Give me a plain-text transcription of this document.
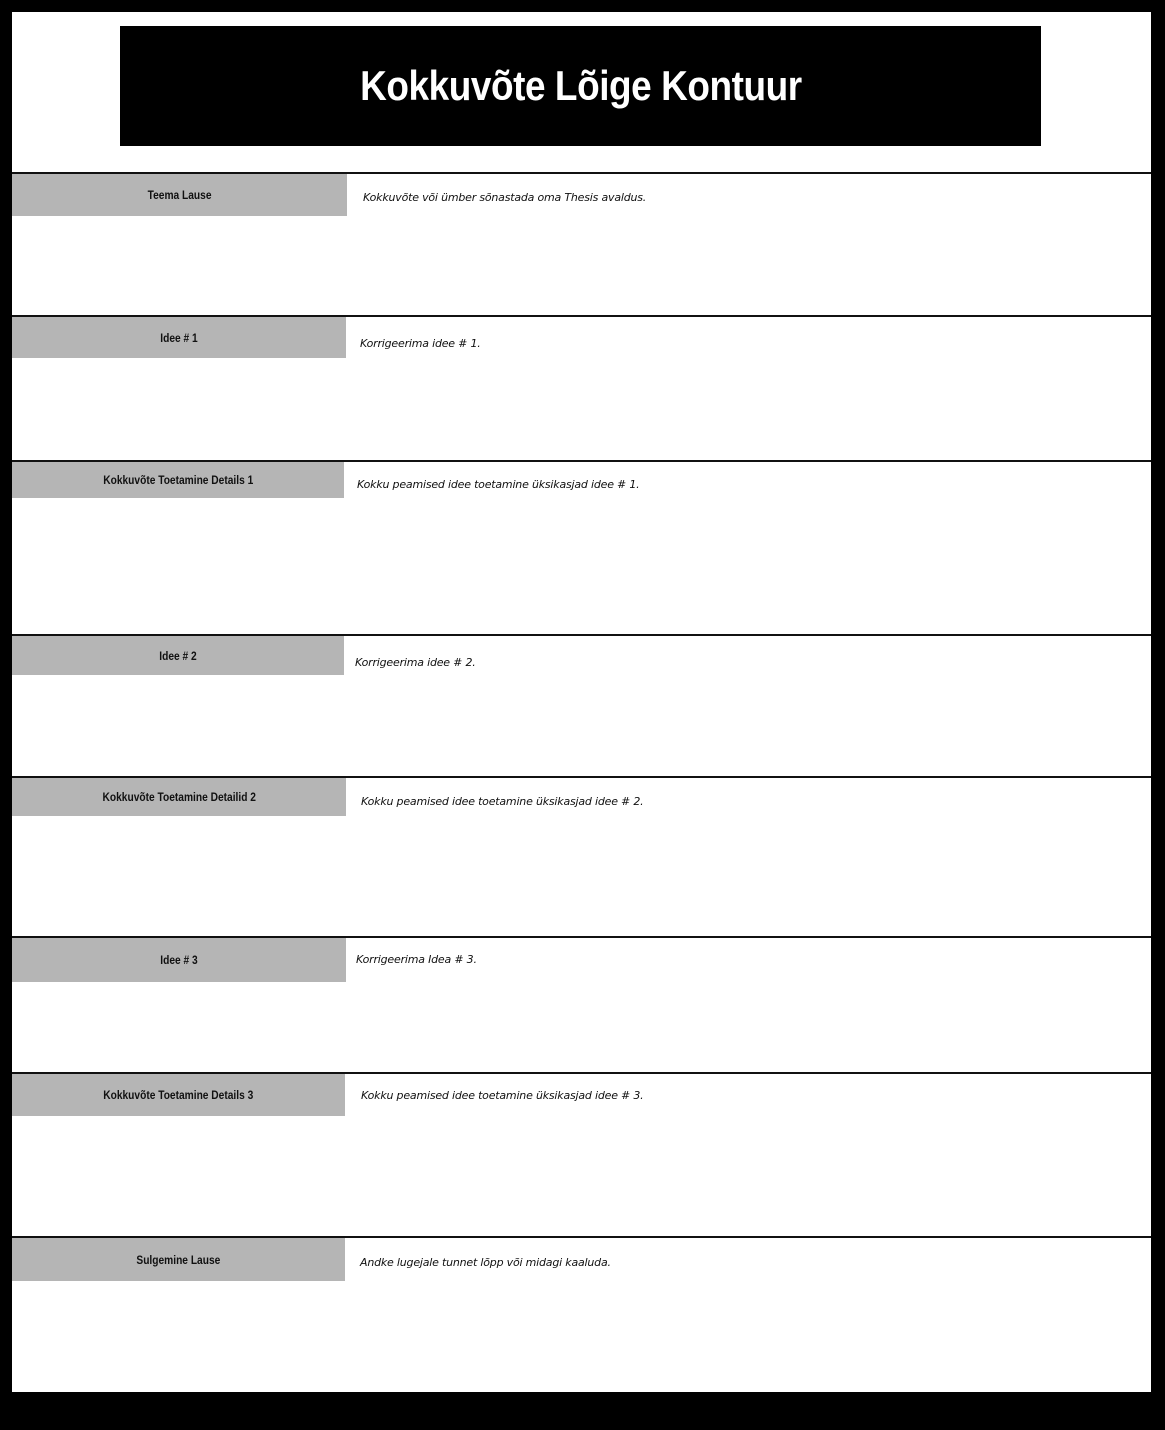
Kokkuvõte Lõige Kontuur
Teema Lause	Kokkuvõte või ümber sõnastada oma Thesis avaldus.
Idee # 1	Korrigeerima idee # 1.
Kokkuvõte Toetamine Details 1	Kokku peamised idee toetamine üksikasjad idee # 1.
Idee # 2	Korrigeerima idee # 2.
Kokkuvõte Toetamine Detailid 2	Kokku peamised idee toetamine üksikasjad idee # 2.
Idee # 3	Korrigeerima Idea # 3.
Kokkuvõte Toetamine Details 3	Kokku peamised idee toetamine üksikasjad idee # 3.
Sulgemine Lause	Andke lugejale tunnet lõpp või midagi kaaluda.
